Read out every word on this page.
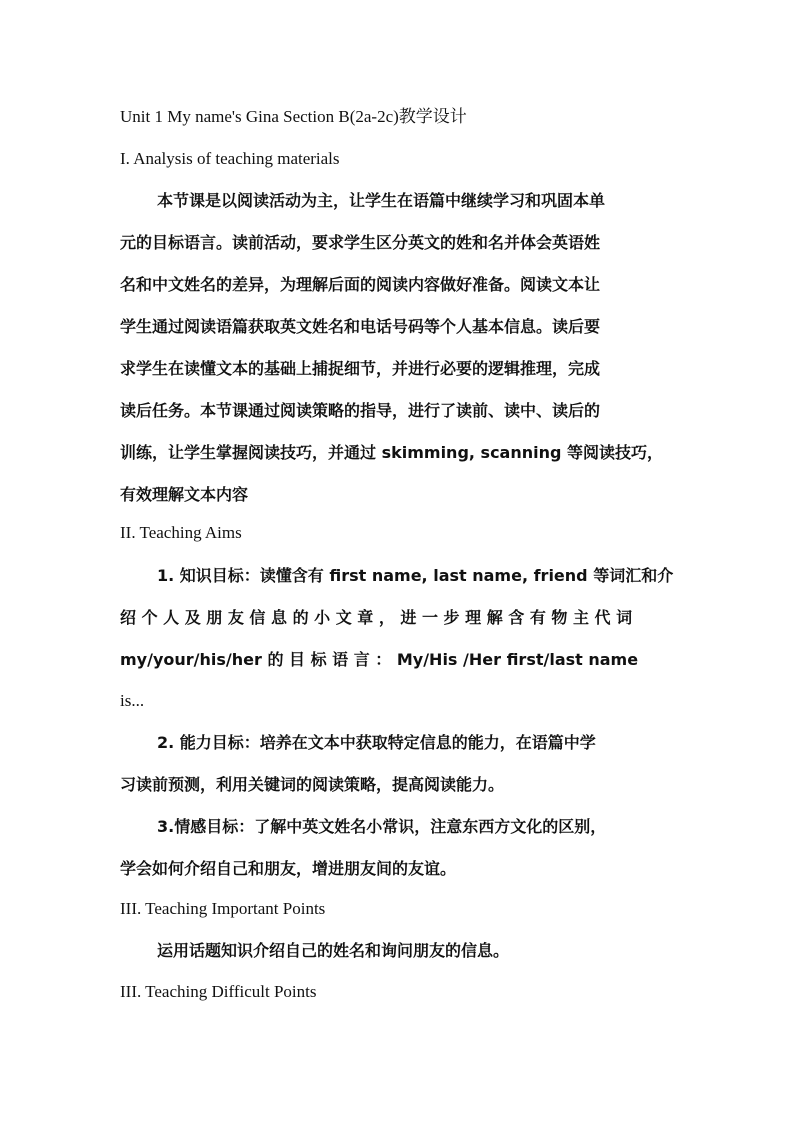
Unit 1 My name's Gina Section B(2a-2c)教学设计
I. Analysis of teaching materials
本节课是以阅读活动为主，让学生在语篇中继续学习和巩固本单
元的目标语言。读前活动，要求学生区分英文的姓和名并体会英语姓
名和中文姓名的差异，为理解后面的阅读内容做好准备。阅读文本让
学生通过阅读语篇获取英文姓名和电话号码等个人基本信息。读后要
求学生在读懂文本的基础上捕捉细节，并进行必要的逻辑推理，完成
读后任务。本节课通过阅读策略的指导，进行了读前、读中、读后的
训练，让学生掌握阅读技巧，并通过 skimming, scanning 等阅读技巧，
有效理解文本内容
II. Teaching Aims
1. 知识目标：读懂含有 first name, last name, friend 等词汇和介
绍 个 人 及 朋 友 信 息 的 小 文 章 ， 进 一 步 理 解 含 有 物 主 代 词
my/your/his/her 的 目 标 语 言 ： My/His /Her first/last name
is...
2. 能力目标：培养在文本中获取特定信息的能力，在语篇中学
习读前预测，利用关键词的阅读策略，提高阅读能力。
3.情感目标：了解中英文姓名小常识，注意东西方文化的区别，
学会如何介绍自己和朋友，增进朋友间的友谊。
III. Teaching Important Points
运用话题知识介绍自己的姓名和询问朋友的信息。
III. Teaching Difficult Points
